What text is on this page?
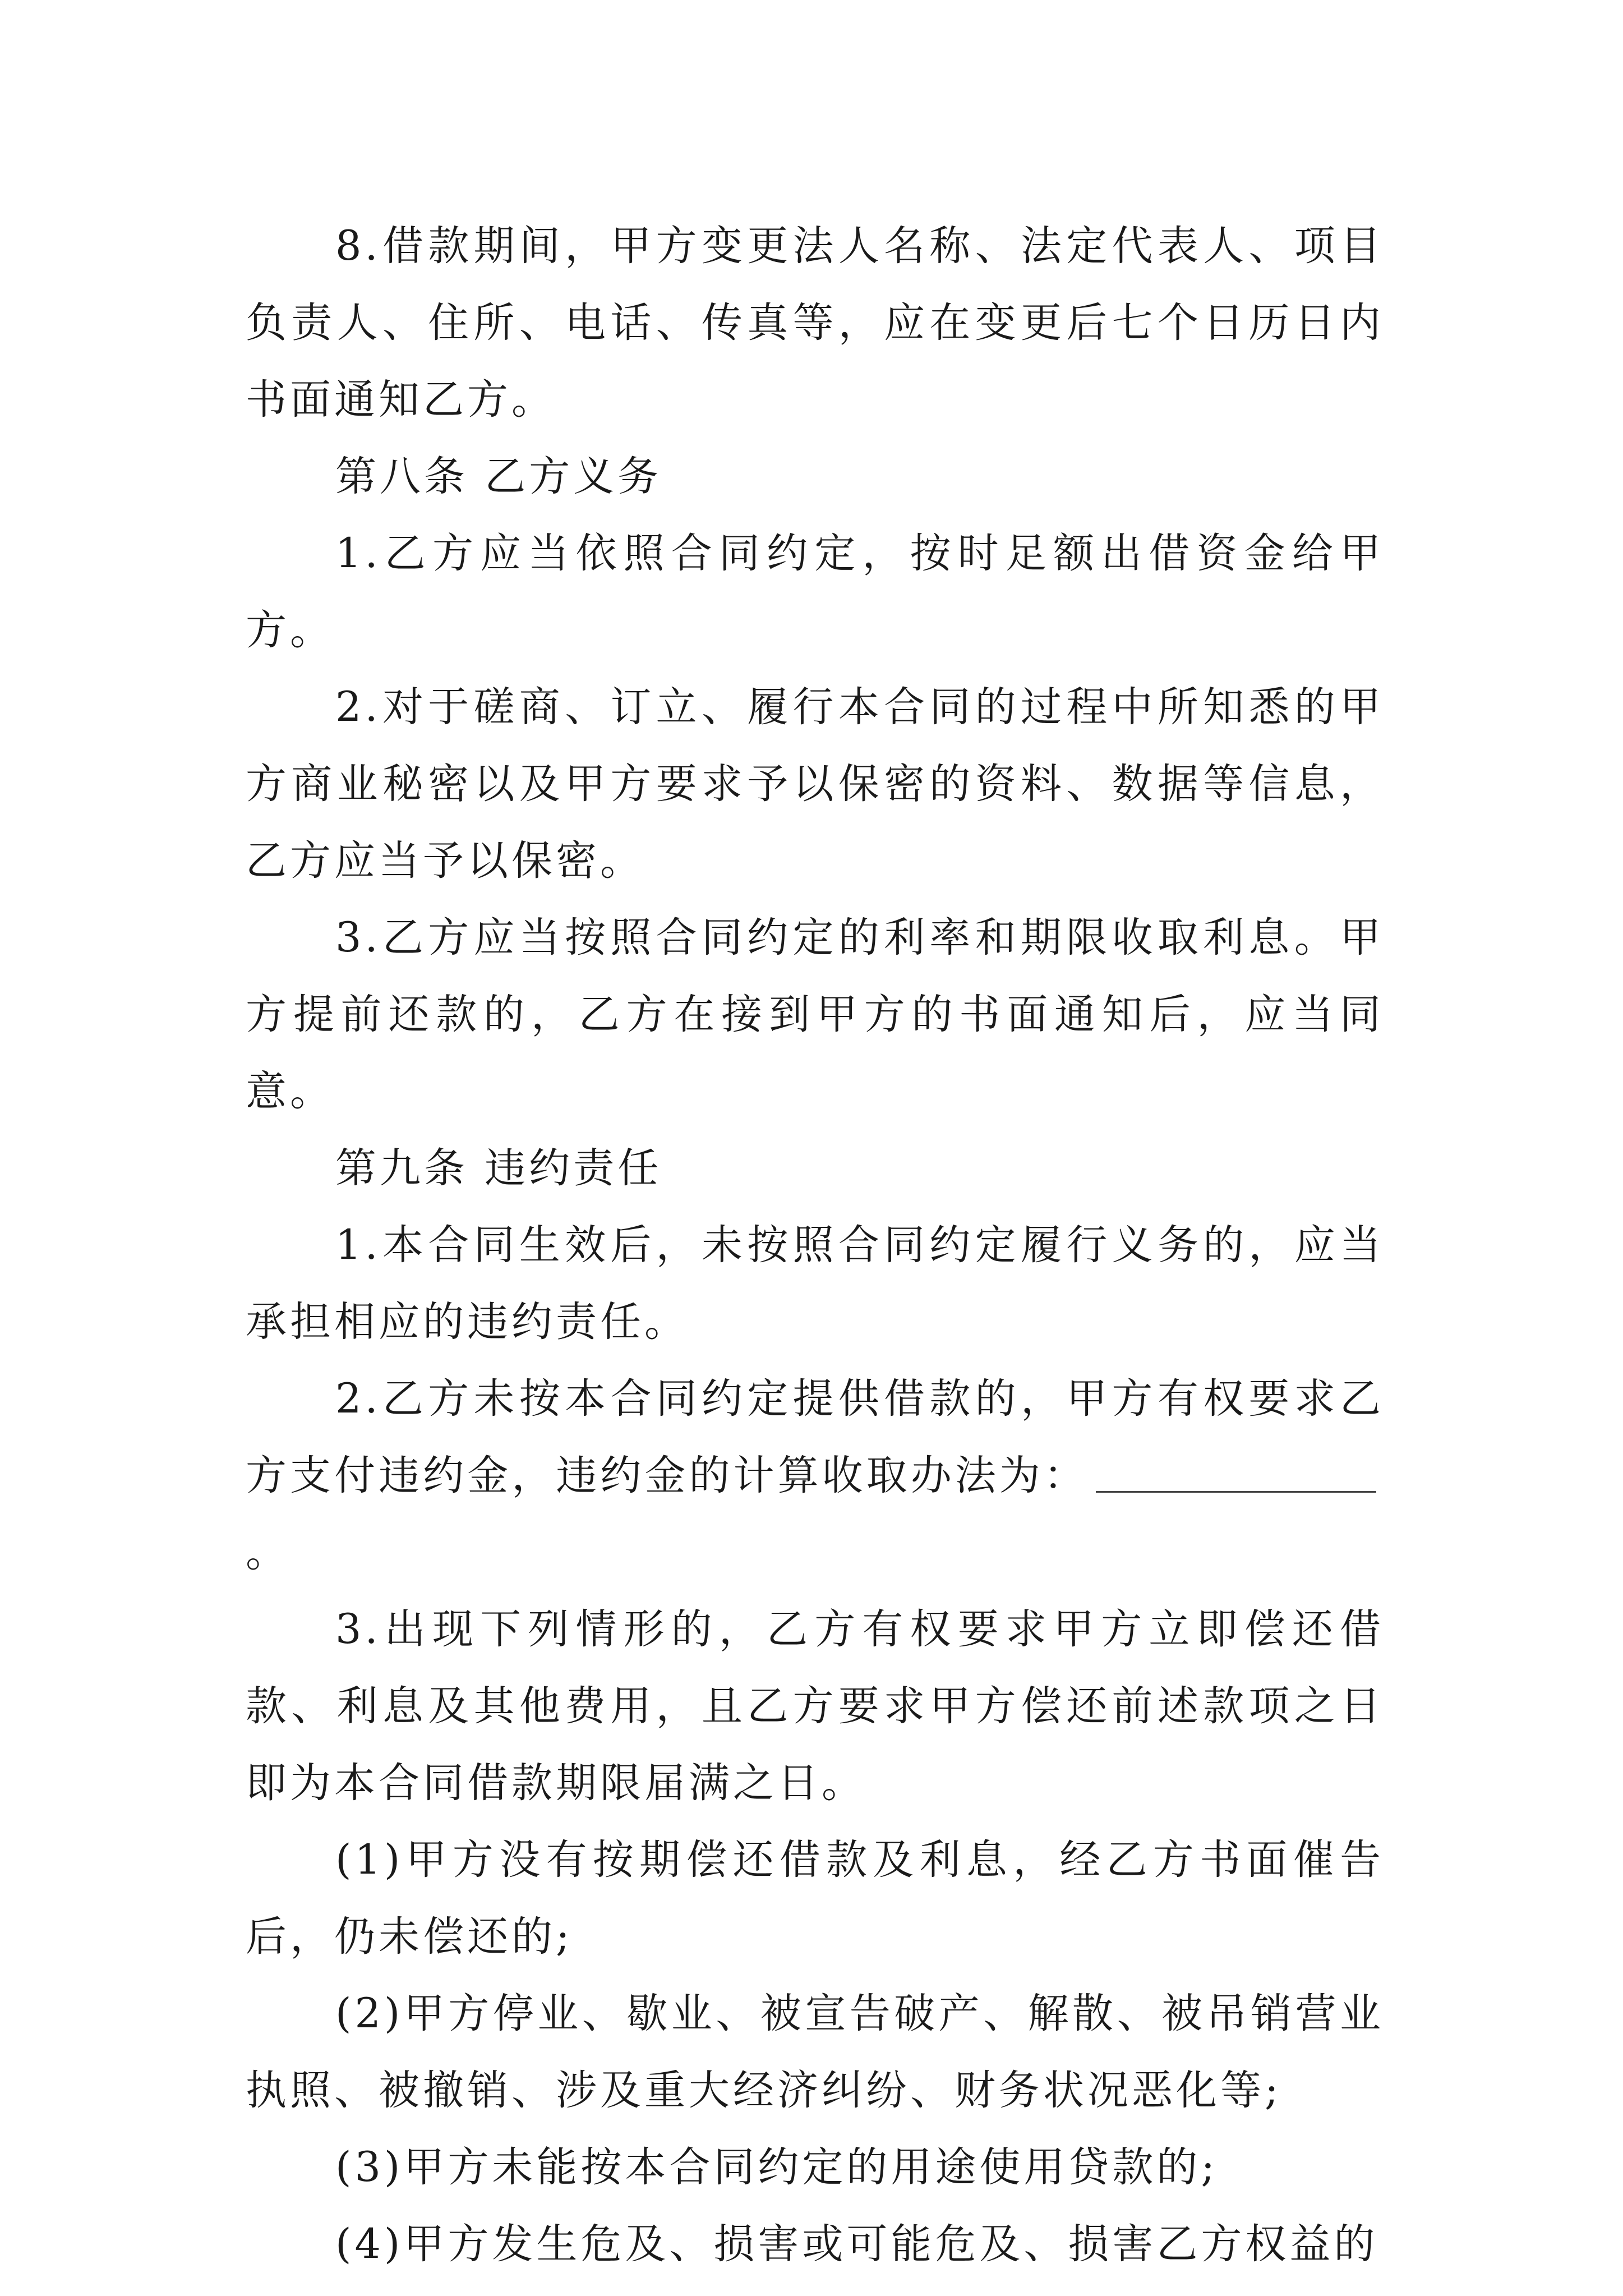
8.借款期间，甲方变更法人名称、法定代表人、项目负责人、住所、电话、传真等，应在变更后七个日历日内书面通知乙方。

第八条 乙方义务

1.乙方应当依照合同约定，按时足额出借资金给甲方。

2.对于磋商、订立、履行本合同的过程中所知悉的甲方商业秘密以及甲方要求予以保密的资料、数据等信息，乙方应当予以保密。

3.乙方应当按照合同约定的利率和期限收取利息。甲方提前还款的，乙方在接到甲方的书面通知后，应当同意。

第九条 违约责任

1.本合同生效后，未按照合同约定履行义务的，应当承担相应的违约责任。

2.乙方未按本合同约定提供借款的，甲方有权要求乙方支付违约金，违约金的计算收取办法为：。

3.出现下列情形的，乙方有权要求甲方立即偿还借款、利息及其他费用，且乙方要求甲方偿还前述款项之日即为本合同借款期限届满之日。

(1)甲方没有按期偿还借款及利息，经乙方书面催告后，仍未偿还的;

(2)甲方停业、歇业、被宣告破产、解散、被吊销营业执照、被撤销、涉及重大经济纠纷、财务状况恶化等;

(3)甲方未能按本合同约定的用途使用贷款的;

(4)甲方发生危及、损害或可能危及、损害乙方权益的
